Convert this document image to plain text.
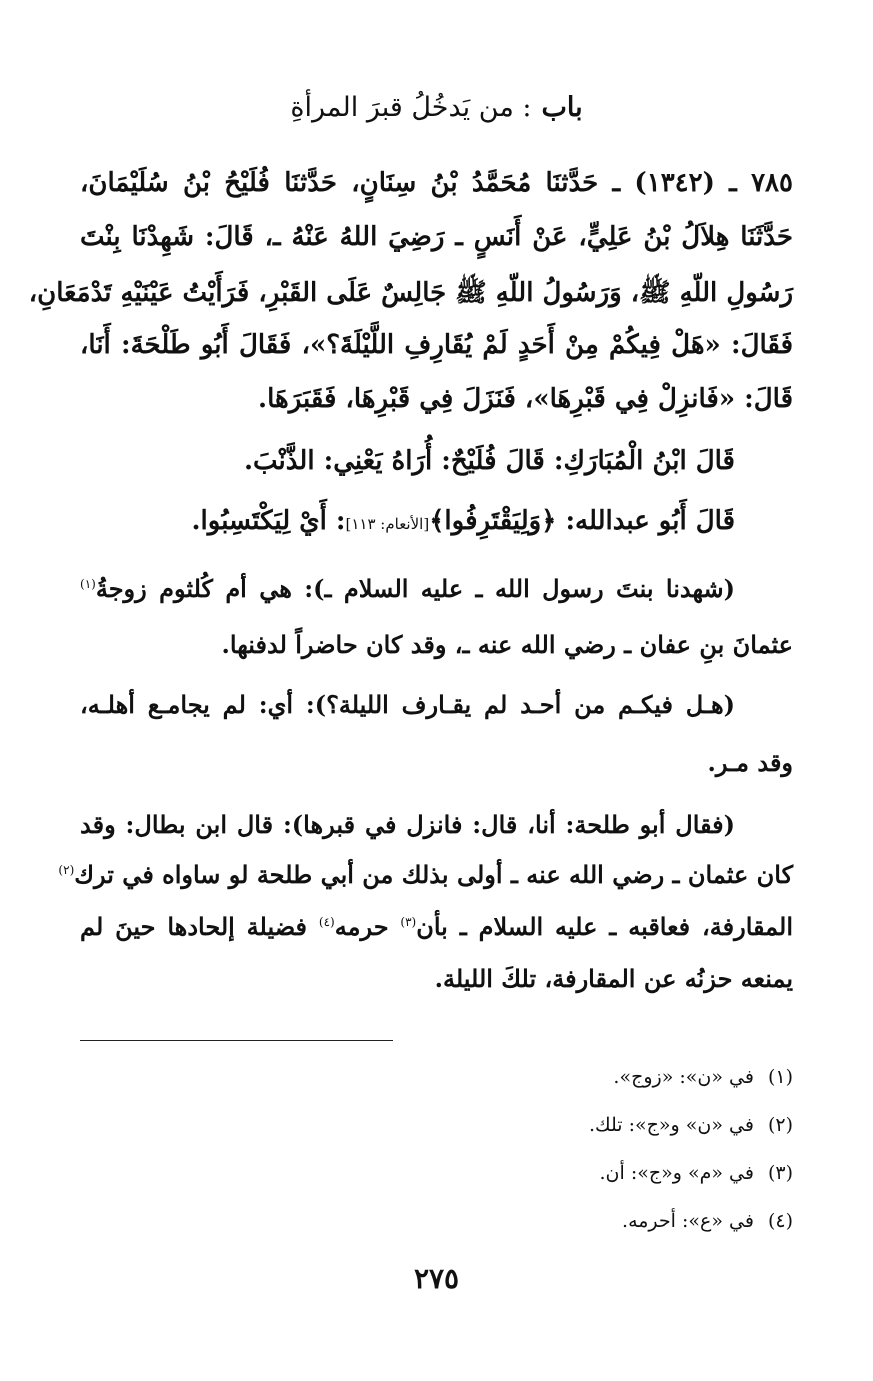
باب: من يَدخُلُ قبرَ المرأةِ
٧٨٥ ـ (١٣٤٢) ـ حَدَّثنَا مُحَمَّدُ بْنُ سِنَانٍ، حَدَّثنَا فُلَيْحُ بْنُ سُلَيْمَانَ،
حَدَّثَنَا هِلاَلُ بْنُ عَلِيٍّ، عَنْ أَنَسٍ ـ رَضِيَ اللهُ عَنْهُ ـ، قَالَ: شَهِدْنَا بِنْتَ
رَسُولِ اللّهِ ﷺ، وَرَسُولُ اللّهِ ﷺ جَالِسٌ عَلَى القَبْرِ، فَرَأَيْتُ عَيْنَيْهِ تَدْمَعَانِ،
فَقَالَ: «هَلْ فِيكُمْ مِنْ أَحَدٍ لَمْ يُقَارِفِ اللَّيْلَةَ؟»، فَقَالَ أَبُو طَلْحَةَ: أَنَا،
قَالَ: «فَانزِلْ فِي قَبْرِهَا»، فَنَزَلَ فِي قَبْرِهَا، فَقَبَرَهَا.
قَالَ ابْنُ الْمُبَارَكِ: قَالَ فُلَيْحٌ: أُرَاهُ يَعْنِي: الذَّنْبَ.
قَالَ أَبُو عبدالله: ﴿وَلِيَقْتَرِفُوا﴾[الأنعام: ١١٣]: أَيْ لِيَكْتَسِبُوا.
(شهدنا بنتَ رسول الله ـ عليه السلام ـ): هي أم كُلثوم زوجةُ$^{(١)}$
عثمانَ بنِ عفان ـ رضي الله عنه ـ، وقد كان حاضراً لدفنها.
(هـل فيكـم من أحـد لم يقـارف الليلة؟): أي: لم يجامـع أهلـه،
وقد مـر.
(فقال أبو طلحة: أنا، قال: فانزل في قبرها): قال ابن بطال: وقد
كان عثمان ـ رضي الله عنه ـ أولى بذلك من أبي طلحة لو ساواه في ترك$^{(٢)}$
المقارفة، فعاقبه ـ عليه السلام ـ بأن$^{(٣)}$ حرمه$^{(٤)}$ فضيلة إلحادها حينَ لم
يمنعه حزنُه عن المقارفة، تلكَ الليلة.
(١)في «ن»: «زوج».
(٢)في «ن» و«ج»: تلك.
(٣)في «م» و«ج»: أن.
(٤)في «ع»: أحرمه.
٢٧٥
